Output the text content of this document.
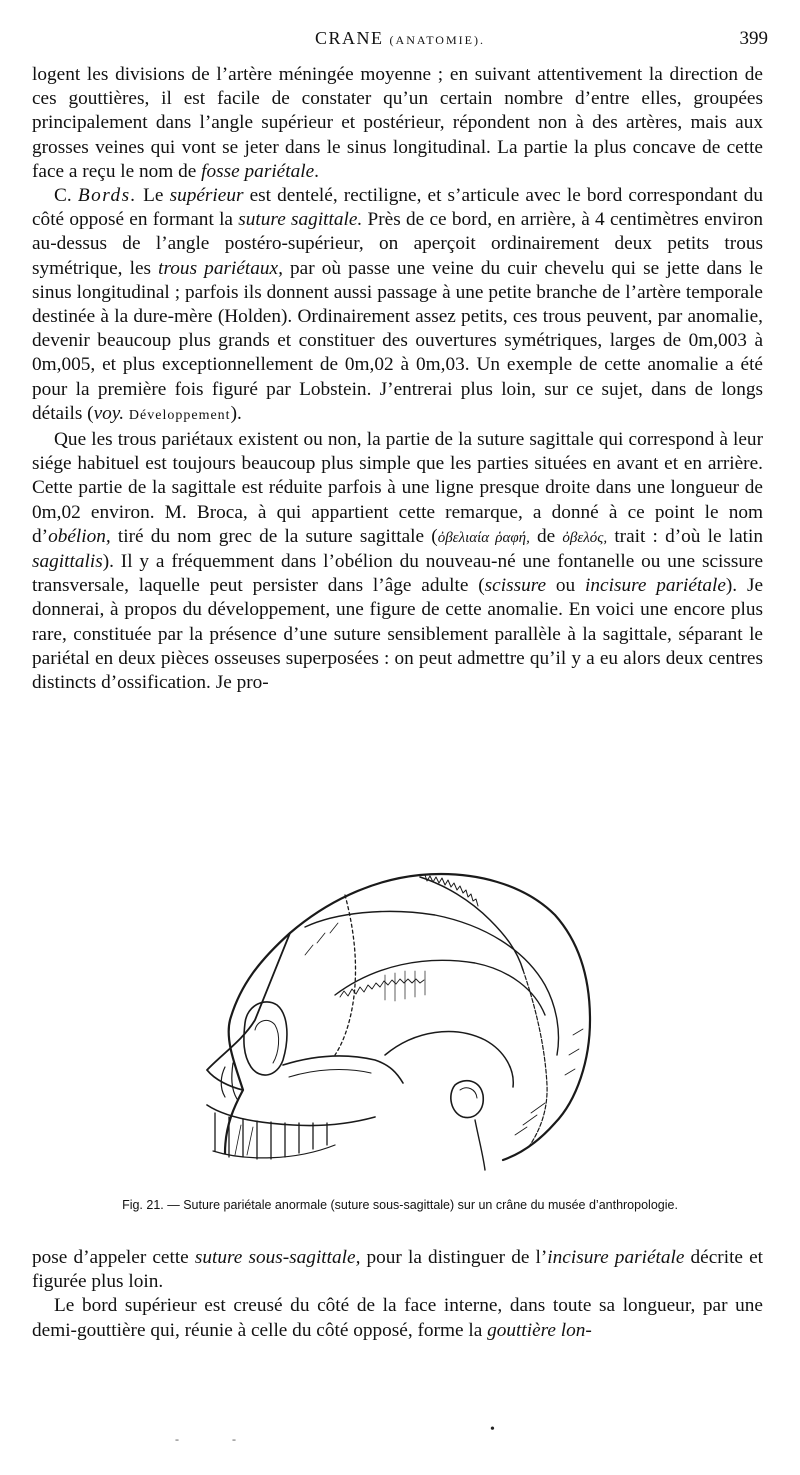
CRANE (ANATOMIE).	399

logent les divisions de l’artère méningée moyenne ; en suivant attentivement la direction de ces gouttières, il est facile de constater qu’un certain nombre d’entre elles, groupées principalement dans l’angle supérieur et postérieur, répondent non à des artères, mais aux grosses veines qui vont se jeter dans le sinus longitudinal. La partie la plus concave de cette face a reçu le nom de fosse pariétale.

C. Bords. Le supérieur est dentelé, rectiligne, et s’articule avec le bord correspondant du côté opposé en formant la suture sagittale. Près de ce bord, en arrière, à 4 centimètres environ au-dessus de l’angle postéro-supérieur, on aperçoit ordinairement deux petits trous symétrique, les trous pariétaux, par où passe une veine du cuir chevelu qui se jette dans le sinus longitudinal ; parfois ils donnent aussi passage à une petite branche de l’artère temporale destinée à la dure-mère (Holden). Ordinairement assez petits, ces trous peuvent, par anomalie, devenir beaucoup plus grands et constituer des ouvertures symétriques, larges de 0m,003 à 0m,005, et plus exceptionnellement de 0m,02 à 0m,03. Un exemple de cette anomalie a été pour la première fois figuré par Lobstein. J’entrerai plus loin, sur ce sujet, dans de longs détails (voy. Développement).

Que les trous pariétaux existent ou non, la partie de la suture sagittale qui correspond à leur siége habituel est toujours beaucoup plus simple que les parties situées en avant et en arrière. Cette partie de la sagittale est réduite parfois à une ligne presque droite dans une longueur de 0m,02 environ. M. Broca, à qui appartient cette remarque, a donné à ce point le nom d’obélion, tiré du nom grec de la suture sagittale (ὀβελιαία ῥαφή, de ὀβελός, trait : d’où le latin sagittalis). Il y a fréquemment dans l’obélion du nouveau-né une fontanelle ou une scissure transversale, laquelle peut persister dans l’âge adulte (scissure ou incisure pariétale). Je donnerai, à propos du développement, une figure de cette anomalie. En voici une encore plus rare, constituée par la présence d’une suture sensiblement parallèle à la sagittale, séparant le pariétal en deux pièces osseuses superposées : on peut admettre qu’il y a eu alors deux centres distincts d’ossification. Je pro-

Fig. 21. — Suture pariétale anormale (suture sous-sagittale) sur un crâne du musée d’anthropologie.

pose d’appeler cette suture sous-sagittale, pour la distinguer de l’incisure pariétale décrite et figurée plus loin.

Le bord supérieur est creusé du côté de la face interne, dans toute sa longueur, par une demi-gouttière qui, réunie à celle du côté opposé, forme la gouttière lon-

- -
•
